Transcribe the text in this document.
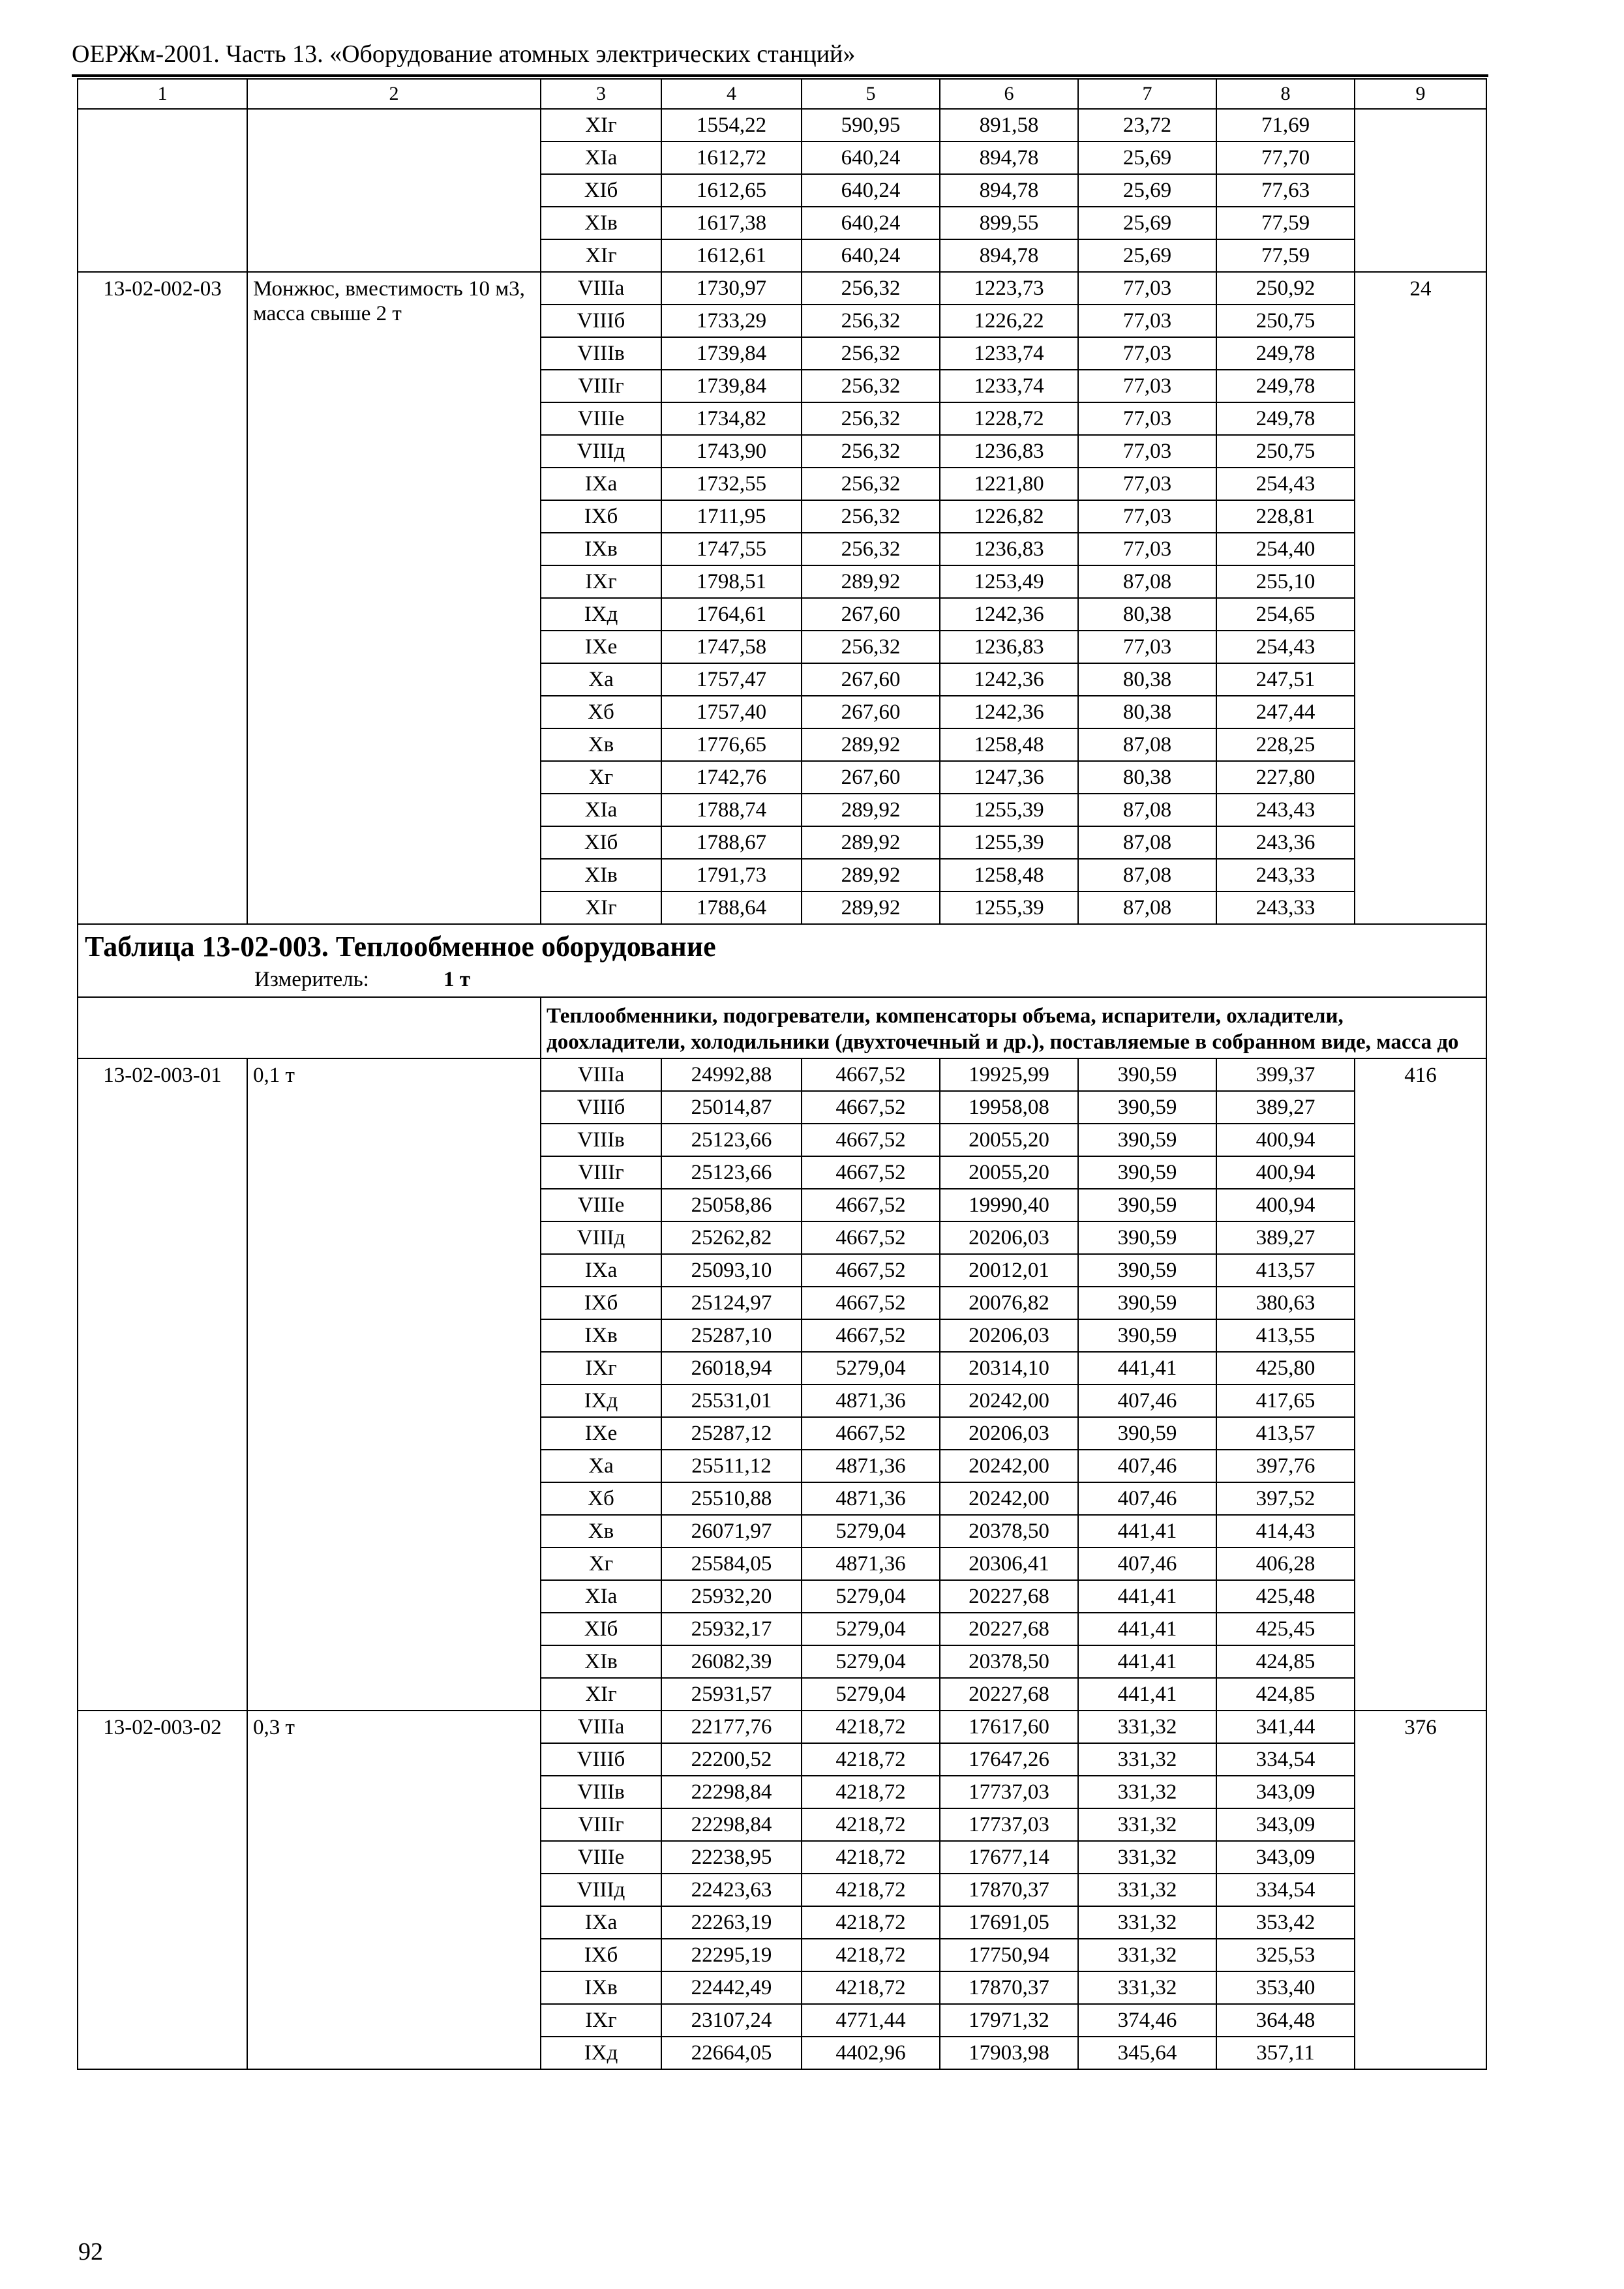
ОЕРЖм-2001. Часть 13. «Оборудование атомных электрических станций»
1	2	3	4	5	6	7	8	9
		XIг	1554,22	590,95	891,58	23,72	71,69	
		XIа	1612,72	640,24	894,78	25,69	77,70	
		XIб	1612,65	640,24	894,78	25,69	77,63	
		XIв	1617,38	640,24	899,55	25,69	77,59	
		XIг	1612,61	640,24	894,78	25,69	77,59	
13-02-002-03	Монжюс, вместимость 10 м3, масса свыше 2 т	VIIIа	1730,97	256,32	1223,73	77,03	250,92	24
		VIIIб	1733,29	256,32	1226,22	77,03	250,75	
		VIIIв	1739,84	256,32	1233,74	77,03	249,78	
		VIIIг	1739,84	256,32	1233,74	77,03	249,78	
		VIIIе	1734,82	256,32	1228,72	77,03	249,78	
		VIIIд	1743,90	256,32	1236,83	77,03	250,75	
		IXа	1732,55	256,32	1221,80	77,03	254,43	
		IXб	1711,95	256,32	1226,82	77,03	228,81	
		IXв	1747,55	256,32	1236,83	77,03	254,40	
		IXг	1798,51	289,92	1253,49	87,08	255,10	
		IXд	1764,61	267,60	1242,36	80,38	254,65	
		IXе	1747,58	256,32	1236,83	77,03	254,43	
		Xа	1757,47	267,60	1242,36	80,38	247,51	
		Xб	1757,40	267,60	1242,36	80,38	247,44	
		Xв	1776,65	289,92	1258,48	87,08	228,25	
		Xг	1742,76	267,60	1247,36	80,38	227,80	
		XIа	1788,74	289,92	1255,39	87,08	243,43	
		XIб	1788,67	289,92	1255,39	87,08	243,36	
		XIв	1791,73	289,92	1258,48	87,08	243,33	
		XIг	1788,64	289,92	1255,39	87,08	243,33	

Таблица 13-02-003. Теплообменное оборудование
Измеритель: 1 т								

		Теплообменники, подогреватели, компенсаторы объема, испарители, охладители, доохладители, холодильники (двухточечный и др.), поставляемые в собранном виде, масса до						
13-02-003-01	0,1 т	VIIIа	24992,88	4667,52	19925,99	390,59	399,37	416
		VIIIб	25014,87	4667,52	19958,08	390,59	389,27	
		VIIIв	25123,66	4667,52	20055,20	390,59	400,94	
		VIIIг	25123,66	4667,52	20055,20	390,59	400,94	
		VIIIе	25058,86	4667,52	19990,40	390,59	400,94	
		VIIIд	25262,82	4667,52	20206,03	390,59	389,27	
		IXа	25093,10	4667,52	20012,01	390,59	413,57	
		IXб	25124,97	4667,52	20076,82	390,59	380,63	
		IXв	25287,10	4667,52	20206,03	390,59	413,55	
		IXг	26018,94	5279,04	20314,10	441,41	425,80	
		IXд	25531,01	4871,36	20242,00	407,46	417,65	
		IXе	25287,12	4667,52	20206,03	390,59	413,57	
		Xа	25511,12	4871,36	20242,00	407,46	397,76	
		Xб	25510,88	4871,36	20242,00	407,46	397,52	
		Xв	26071,97	5279,04	20378,50	441,41	414,43	
		Xг	25584,05	4871,36	20306,41	407,46	406,28	
		XIа	25932,20	5279,04	20227,68	441,41	425,48	
		XIб	25932,17	5279,04	20227,68	441,41	425,45	
		XIв	26082,39	5279,04	20378,50	441,41	424,85	
		XIг	25931,57	5279,04	20227,68	441,41	424,85	
13-02-003-02	0,3 т	VIIIа	22177,76	4218,72	17617,60	331,32	341,44	376
		VIIIб	22200,52	4218,72	17647,26	331,32	334,54	
		VIIIв	22298,84	4218,72	17737,03	331,32	343,09	
		VIIIг	22298,84	4218,72	17737,03	331,32	343,09	
		VIIIе	22238,95	4218,72	17677,14	331,32	343,09	
		VIIIд	22423,63	4218,72	17870,37	331,32	334,54	
		IXа	22263,19	4218,72	17691,05	331,32	353,42	
		IXб	22295,19	4218,72	17750,94	331,32	325,53	
		IXв	22442,49	4218,72	17870,37	331,32	353,40	
		IXг	23107,24	4771,44	17971,32	374,46	364,48	
		IXд	22664,05	4402,96	17903,98	345,64	357,11	
92
